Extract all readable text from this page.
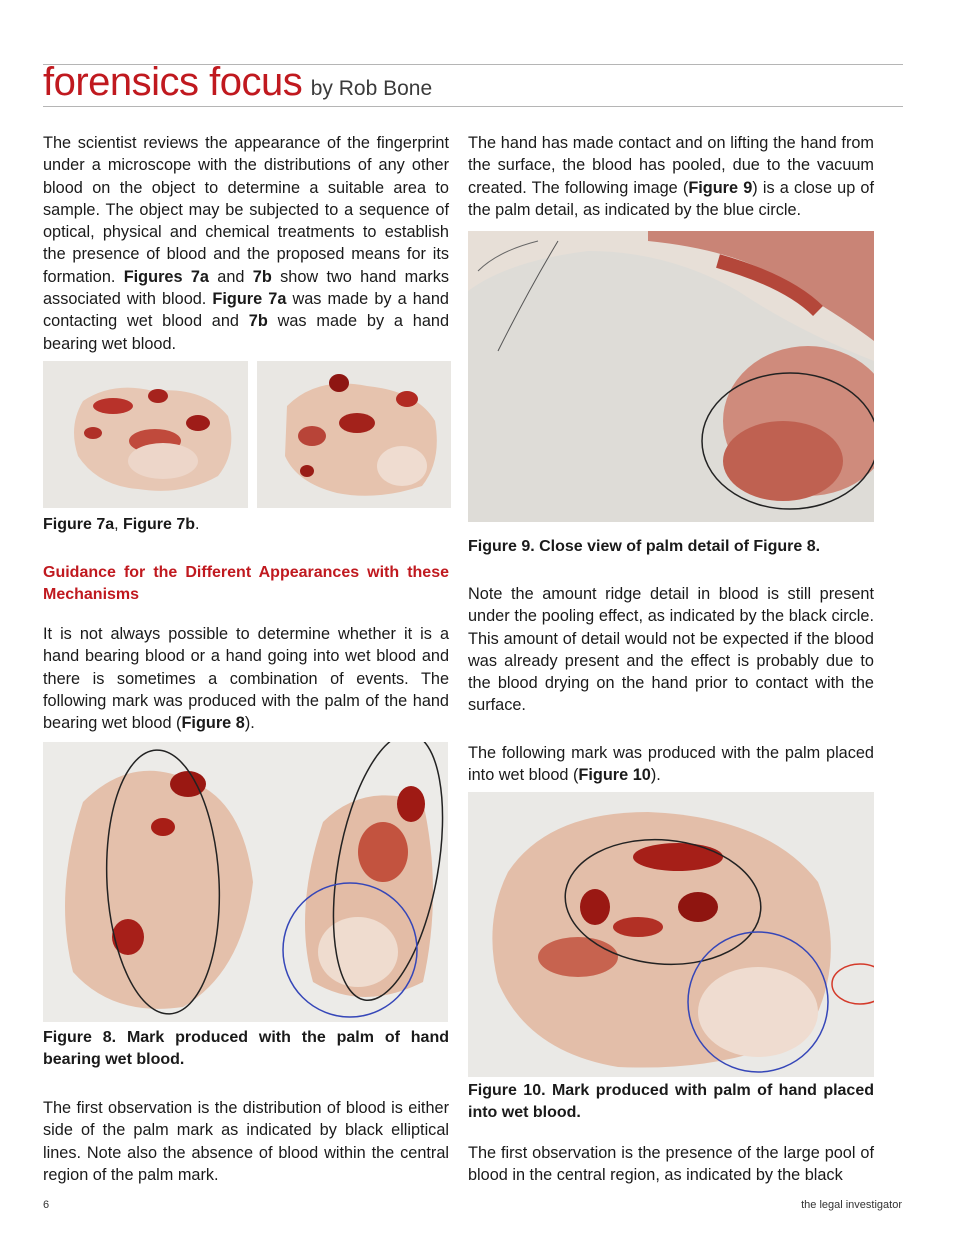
forensics focus by Rob Bone

The scientist reviews the appearance of the fingerprint under a microscope with the distributions of any other blood on the object to determine a suitable area to sample. The object may be subjected to a sequence of optical, physical and chemical treatments to establish the presence of blood and the proposed means for its formation. Figures 7a and 7b show two hand marks associated with blood. Figure 7a was made by a hand contacting wet blood and 7b was made by a hand bearing wet blood.

Figure 7a, Figure 7b.

Guidance for the Different Appearances with these Mechanisms

It is not always possible to determine whether it is a hand bearing blood or a hand going into wet blood and there is sometimes a combination of events. The following mark was produced with the palm of the hand bearing wet blood (Figure 8).

Figure 8. Mark produced with the palm of hand bearing wet blood.

The first observation is the distribution of blood is either side of the palm mark as indicated by black elliptical lines. Note also the absence of blood within the central region of the palm mark.

The hand has made contact and on lifting the hand from the surface, the blood has pooled, due to the vacuum created. The following image (Figure 9) is a close up of the palm detail, as indicated by the blue circle.

Figure 9. Close view of palm detail of Figure 8.

Note the amount ridge detail in blood is still present under the pooling effect, as indicated by the black circle. This amount of detail would not be expected if the blood was already present and the effect is probably due to the blood drying on the hand prior to contact with the surface.

The following mark was produced with the palm placed into wet blood (Figure 10).

Figure 10. Mark produced with palm of hand placed into wet blood.

The first observation is the presence of the large pool of blood in the central region, as indicated by the black

6	the legal investigator
